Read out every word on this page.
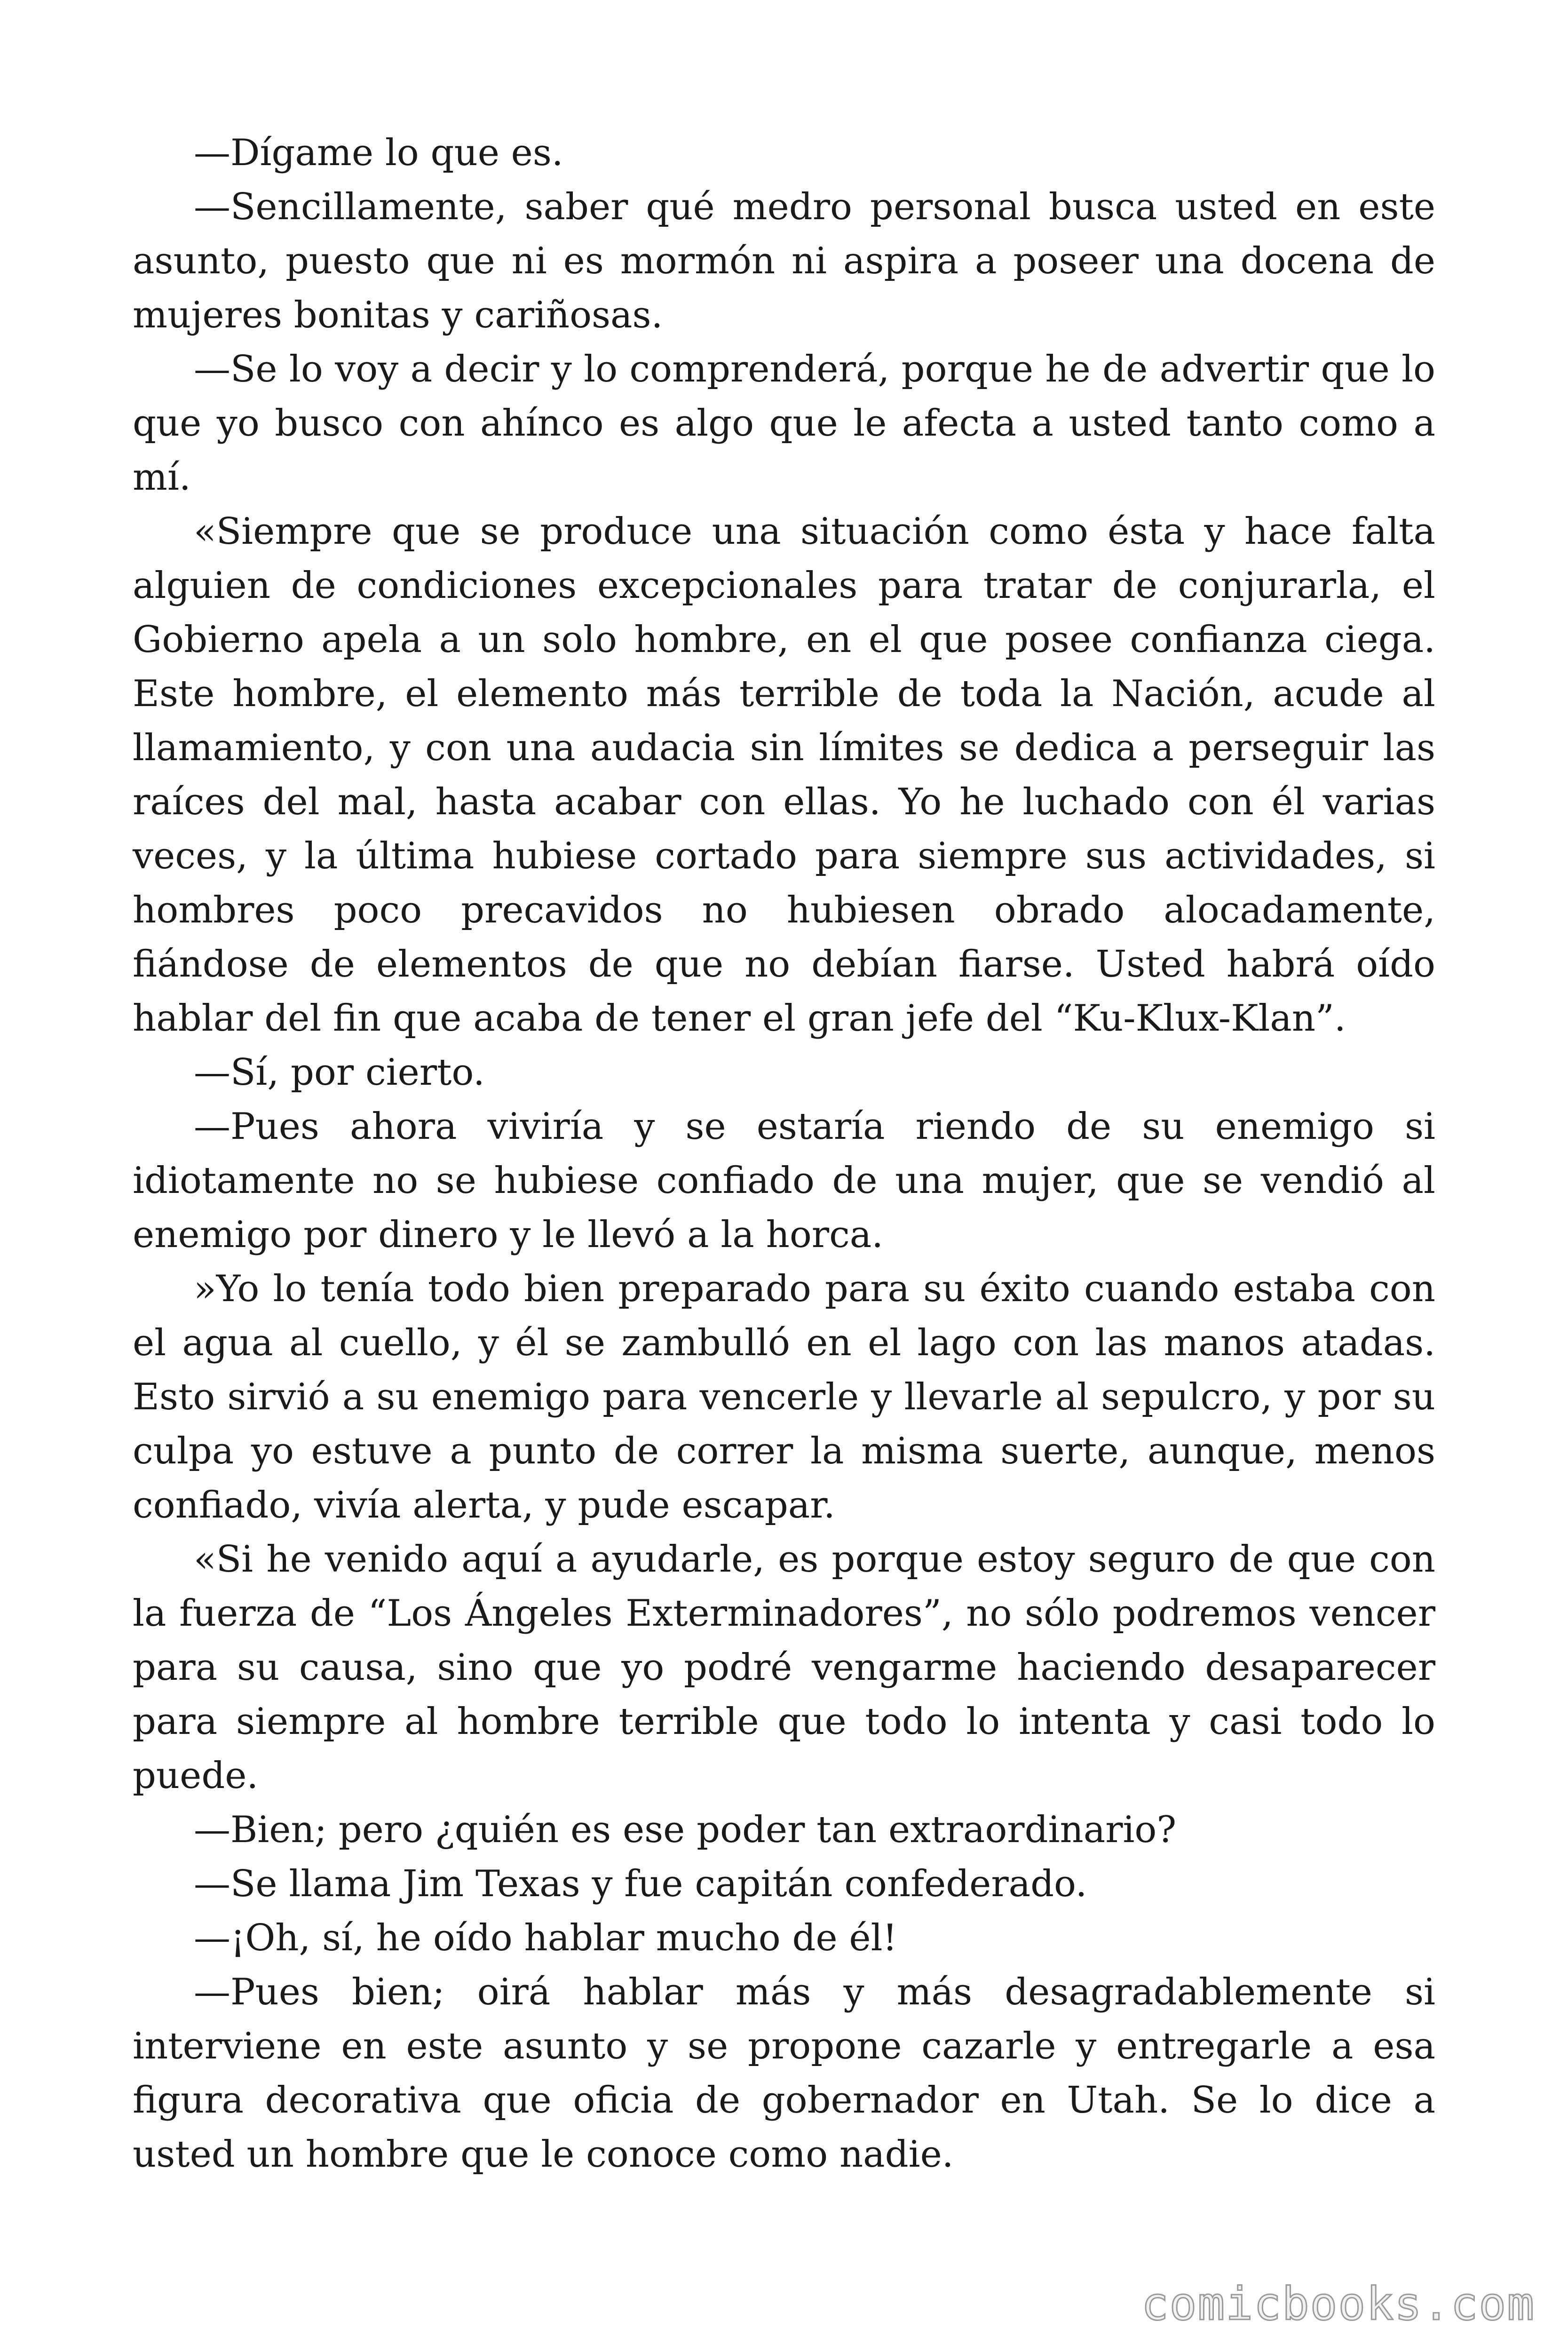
—Dígame lo que es.

—Sencillamente, saber qué medro personal busca usted en este asunto, puesto que ni es mormón ni aspira a poseer una docena de mujeres bonitas y cariñosas.

—Se lo voy a decir y lo comprenderá, porque he de advertir que lo que yo busco con ahínco es algo que le afecta a usted tanto como a mí.

«Siempre que se produce una situación como ésta y hace falta alguien de condiciones excepcionales para tratar de conjurarla, el Gobierno apela a un solo hombre, en el que posee confianza ciega. Este hombre, el elemento más terrible de toda la Nación, acude al llamamiento, y con una audacia sin límites se dedica a perseguir las raíces del mal, hasta acabar con ellas. Yo he luchado con él varias veces, y la última hubiese cortado para siempre sus actividades, si hombres poco precavidos no hubiesen obrado alocadamente, fiándose de elementos de que no debían fiarse. Usted habrá oído hablar del fin que acaba de tener el gran jefe del “Ku-Klux-Klan”.

—Sí, por cierto.

—Pues ahora viviría y se estaría riendo de su enemigo si idiotamente no se hubiese confiado de una mujer, que se vendió al enemigo por dinero y le llevó a la horca.

»Yo lo tenía todo bien preparado para su éxito cuando estaba con el agua al cuello, y él se zambulló en el lago con las manos atadas. Esto sirvió a su enemigo para vencerle y llevarle al sepulcro, y por su culpa yo estuve a punto de correr la misma suerte, aunque, menos confiado, vivía alerta, y pude escapar.

«Si he venido aquí a ayudarle, es porque estoy seguro de que con la fuerza de “Los Ángeles Exterminadores”, no sólo podremos vencer para su causa, sino que yo podré vengarme haciendo desaparecer para siempre al hombre terrible que todo lo intenta y casi todo lo puede.

—Bien; pero ¿quién es ese poder tan extraordinario?

—Se llama Jim Texas y fue capitán confederado.

—¡Oh, sí, he oído hablar mucho de él!

—Pues bien; oirá hablar más y más desagradablemente si interviene en este asunto y se propone cazarle y entregarle a esa figura decorativa que oficia de gobernador en Utah. Se lo dice a usted un hombre que le conoce como nadie.

comicbooks.com
